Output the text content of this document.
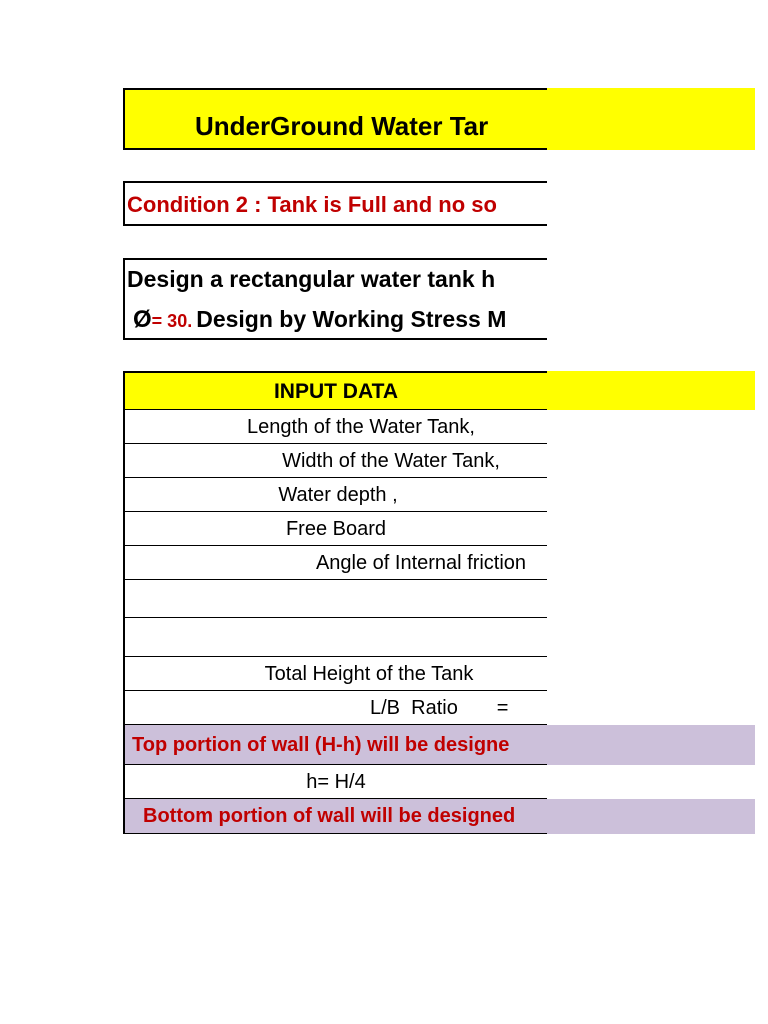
UnderGround Water Tar
Condition 2 : Tank is Full and no so
Design a rectangular water tank h
Ø= 30. Design by Working Stress M
INPUT DATA
Length of the Water Tank,
Width of the Water Tank,
Water depth ,
Free Board
Angle of Internal friction
Total Height of the Tank
L/B  Ratio       =
Top portion of wall (H-h) will be designe
h= H/4
Bottom portion of wall will be designed
